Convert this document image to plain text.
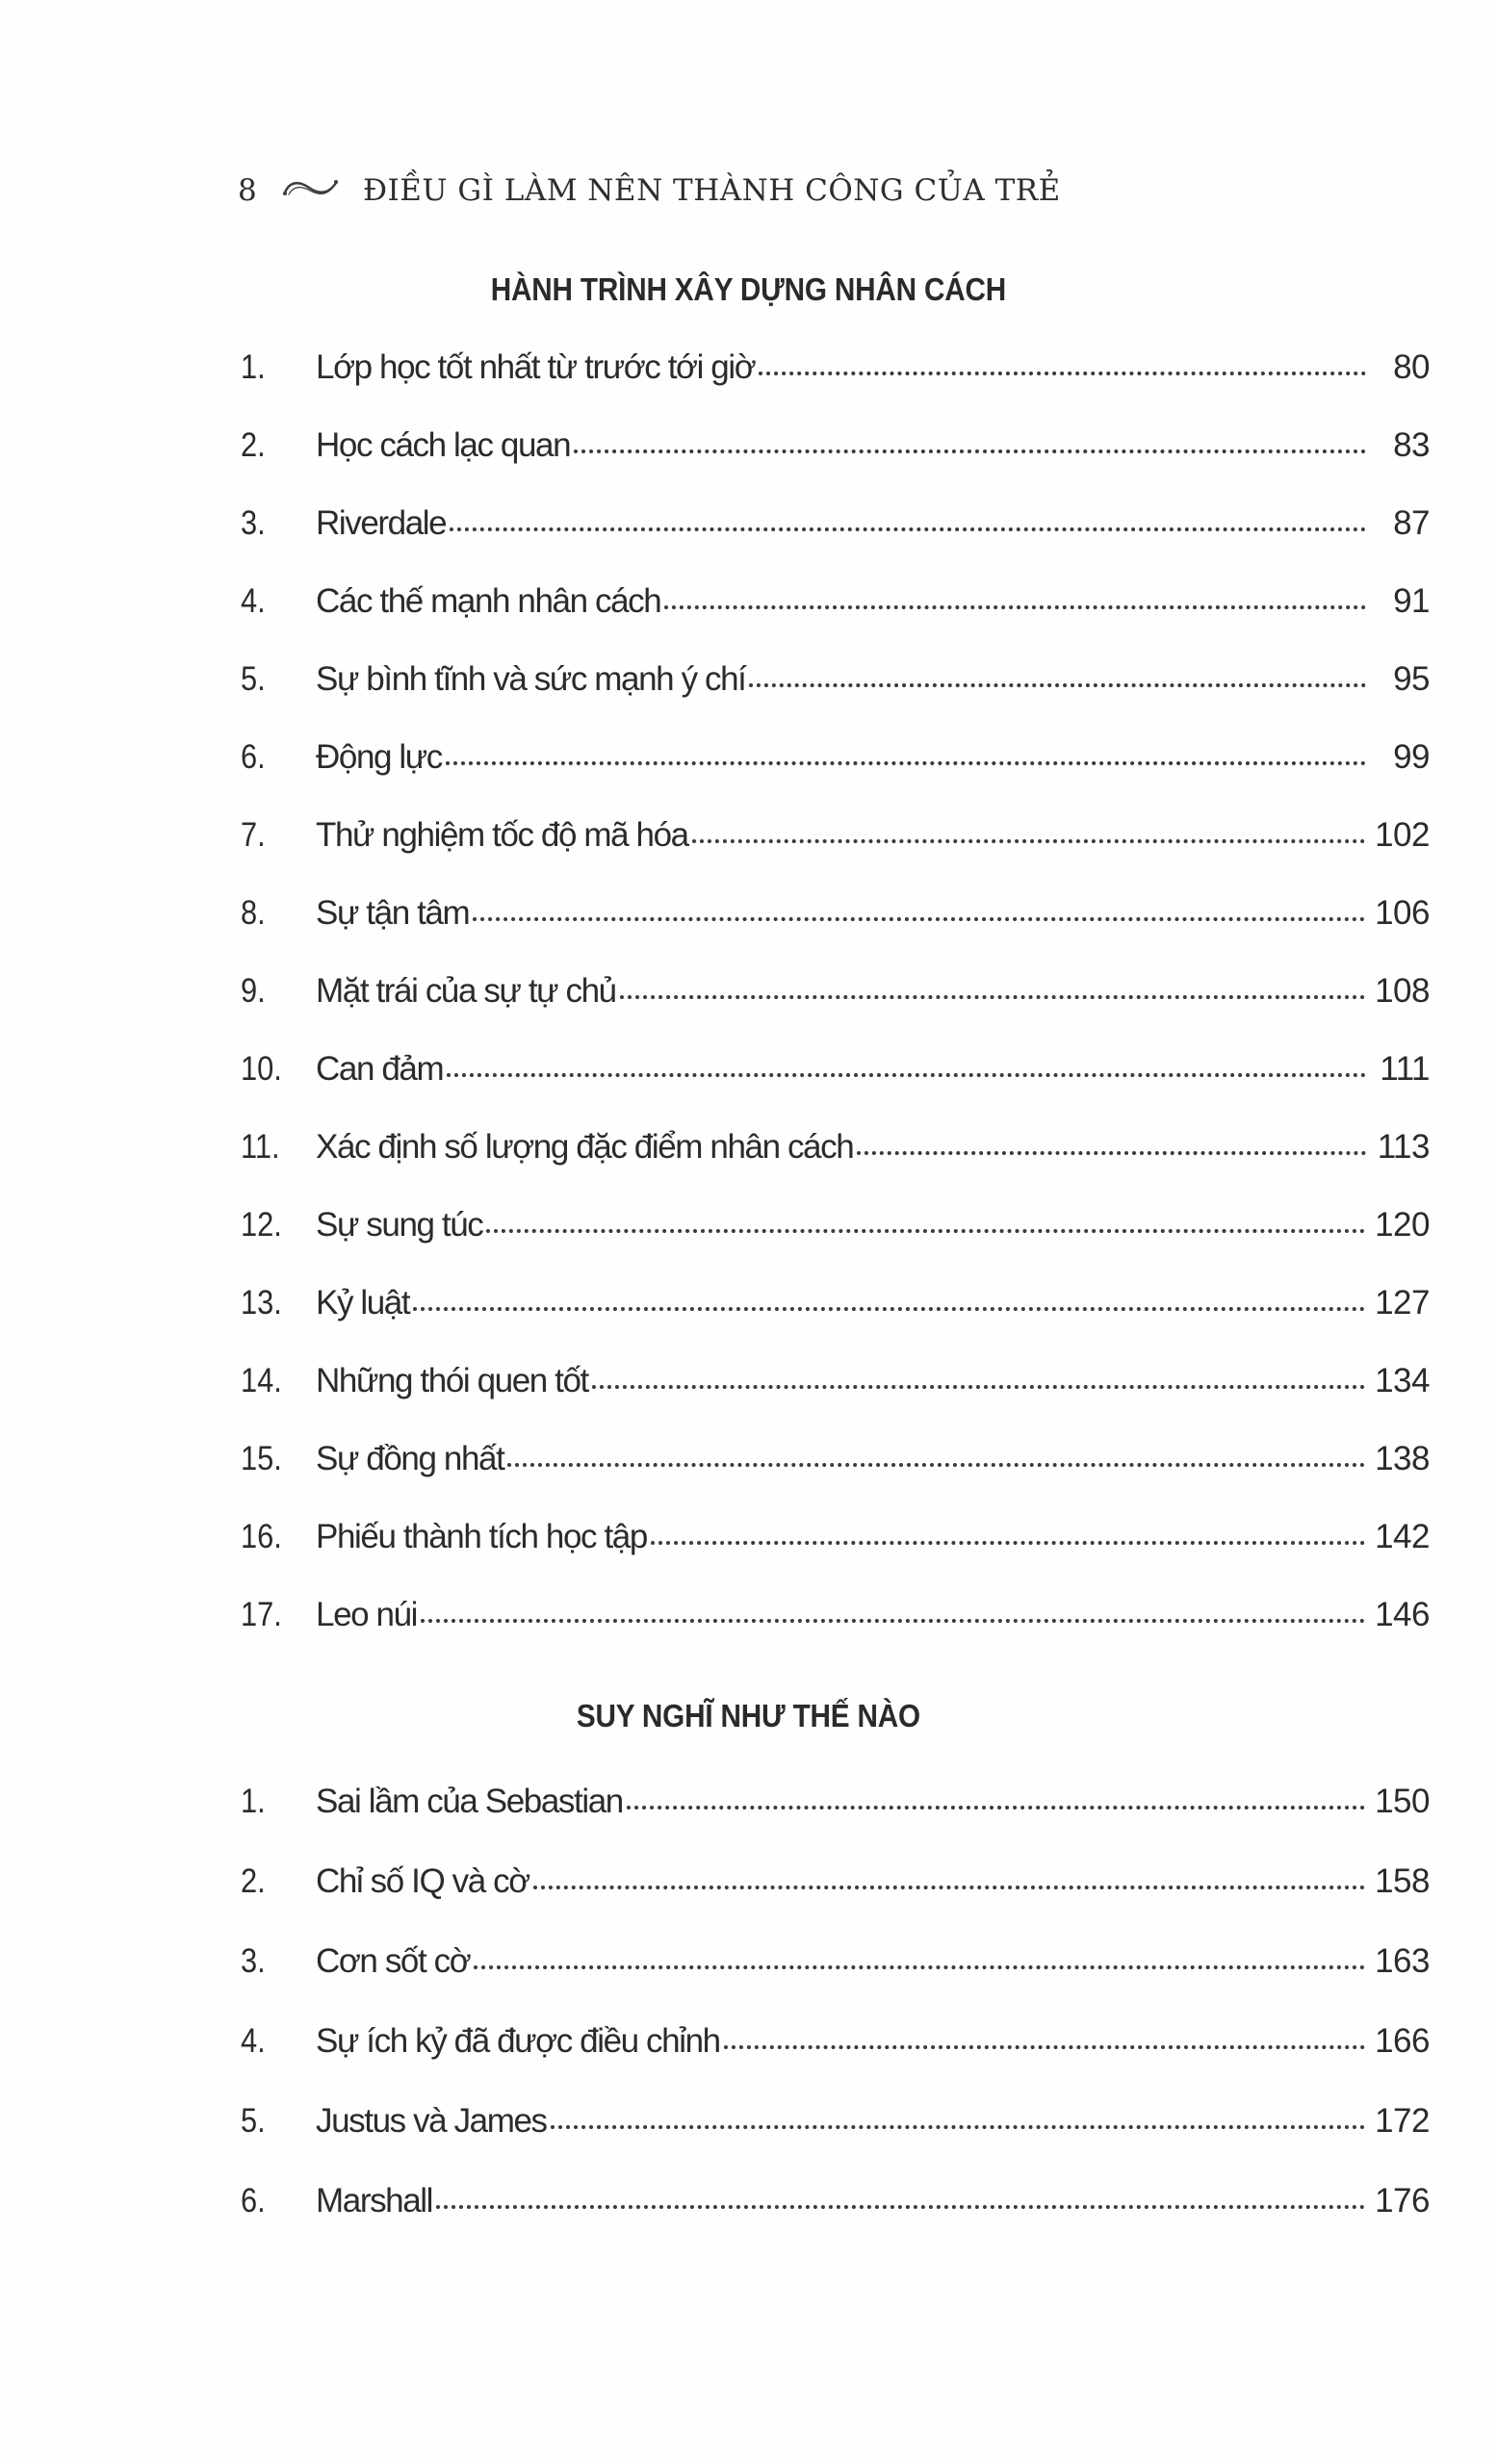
8	ĐIỀU GÌ LÀM NÊN THÀNH CÔNG CỦA TRẺ
HÀNH TRÌNH XÂY DỰNG NHÂN CÁCH
1.	Lớp học tốt nhất từ trước tới giờ	80
2.	Học cách lạc quan	83
3.	Riverdale	87
4.	Các thế mạnh nhân cách	91
5.	Sự bình tĩnh và sức mạnh ý chí	95
6.	Động lực	99
7.	Thử nghiệm tốc độ mã hóa	102
8.	Sự tận tâm	106
9.	Mặt trái của sự tự chủ	108
10.	Can đảm	111
11.	Xác định số lượng đặc điểm nhân cách	113
12.	Sự sung túc	120
13.	Kỷ luật	127
14.	Những thói quen tốt	134
15.	Sự đồng nhất	138
16.	Phiếu thành tích học tập	142
17.	Leo núi	146
SUY NGHĨ NHƯ THẾ NÀO
1.	Sai lầm của Sebastian	150
2.	Chỉ số IQ và cờ	158
3.	Cơn sốt cờ	163
4.	Sự ích kỷ đã được điều chỉnh	166
5.	Justus và James	172
6.	Marshall	176
